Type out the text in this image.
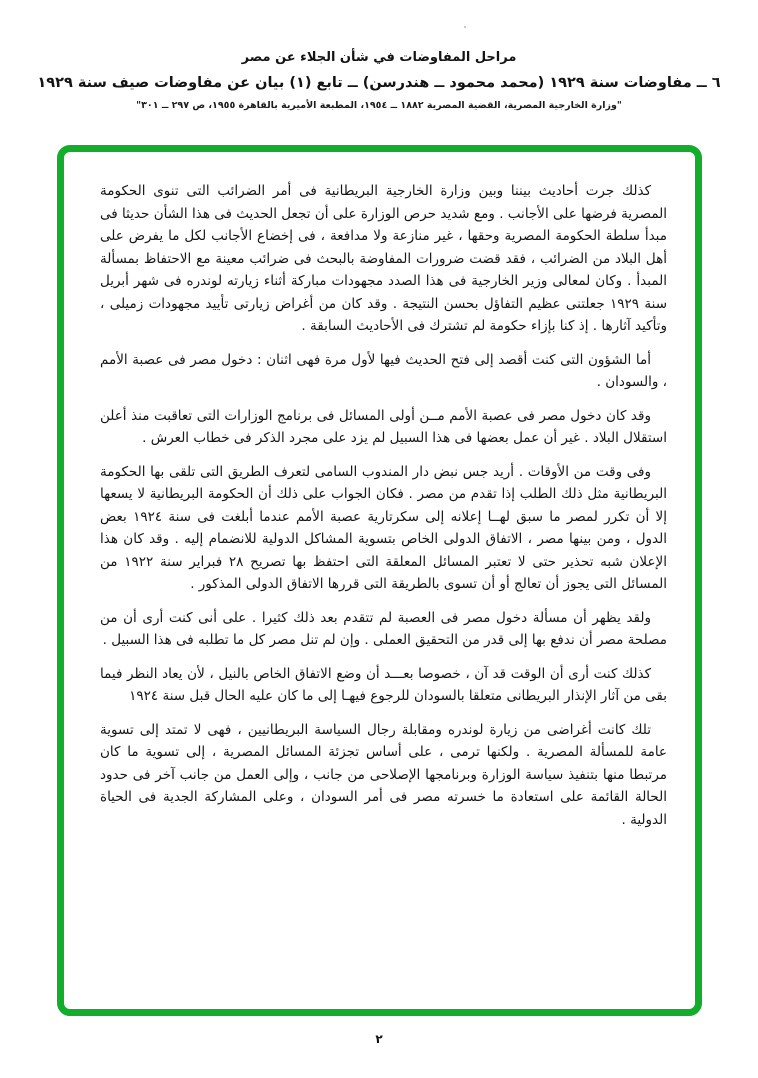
مراحل المفاوضات في شأن الجلاء عن مصر
٦ ــ مفاوضات سنة ١٩٢٩ (محمد محمود ــ هندرسن) ــ تابع (١) بيان عن مفاوضات صيف سنة ١٩٢٩
"وزارة الخارجية المصرية، القضية المصرية ١٨٨٢ ــ ١٩٥٤، المطبعة الأميرية بالقاهرة ١٩٥٥، ص ٢٩٧ ــ ٣٠١"

كذلك جرت أحاديث بيننا وبين وزارة الخارجية البريطانية فى أمر الضرائب التى تنوى الحكومة المصرية فرضها على الأجانب . ومع شديد حرص الوزارة على أن تجعل الحديث فى هذا الشأن حديثا فى مبدأ سلطة الحكومة المصرية وحقها ، غير منازعة ولا مدافعة ، فى إخضاع الأجانب لكل ما يفرض على أهل البلاد من الضرائب ، فقد قضت ضرورات المفاوضة بالبحث فى ضرائب معينة مع الاحتفاظ بمسألة المبدأ . وكان لمعالى وزير الخارجية فى هذا الصدد مجهودات مباركة أثناء زيارته لوندره فى شهر أبريل سنة ١٩٢٩ جعلتنى عظيم التفاؤل بحسن النتيجة . وقد كان من أغراض زيارتى تأييد مجهودات زميلى ، وتأكيد آثارها . إذ كنا بإزاء حكومة لم تشترك فى الأحاديث السابقة .

أما الشؤون التى كنت أقصد إلى فتح الحديث فيها لأول مرة فهى اثنان : دخول مصر فى عصبة الأمم ، والسودان .

وقد كان دخول مصر فى عصبة الأمم مــن أولى المسائل فى برنامج الوزارات التى تعاقبت منذ أعلن استقلال البلاد . غير أن عمل بعضها فى هذا السبيل لم يزد على مجرد الذكر فى خطاب العرش .

وفى وقت من الأوقات . أريد جس نبض دار المندوب السامى لتعرف الطريق التى تلقى بها الحكومة البريطانية مثل ذلك الطلب إذا تقدم من مصر . فكان الجواب على ذلك أن الحكومة البريطانية لا يسعها إلا أن تكرر لمصر ما سبق لهــا إعلانه إلى سكرتارية عصبة الأمم عندما أبلغت فى سنة ١٩٢٤ بعض الدول ، ومن بينها مصر ، الاتفاق الدولى الخاص بتسوية المشاكل الدولية للانضمام إليه . وقد كان هذا الإعلان شبه تحذير حتى لا تعتبر المسائل المعلقة التى احتفظ بها تصريح ٢٨ فبراير سنة ١٩٢٢ من المسائل التى يجوز أن تعالج أو أن تسوى بالطريقة التى قررها الاتفاق الدولى المذكور .

ولقد يظهر أن مسألة دخول مصر فى العصبة لم تتقدم بعد ذلك كثيرا . على أنى كنت أرى أن من مصلحة مصر أن ندفع بها إلى قدر من التحقيق العملى . وإن لم تنل مصر كل ما تطلبه فى هذا السبيل .

كذلك كنت أرى أن الوقت قد آن ، خصوصا بعـــد أن وضع الاتفاق الخاص بالنيل ، لأن يعاد النظر فيما بقى من آثار الإنذار البريطانى متعلقا بالسودان للرجوع فيهـا إلى ما كان عليه الحال قبل سنة ١٩٢٤

تلك كانت أغراضى من زيارة لوندره ومقابلة رجال السياسة البريطانيين ، فهى لا تمتد إلى تسوية عامة للمسألة المصرية . ولكنها ترمى ، على أساس تجزئة المسائل المصرية ، إلى تسوية ما كان مرتبطا منها بتنفيذ سياسة الوزارة وبرنامجها الإصلاحى من جانب ، وإلى العمل من جانب آخر فى حدود الحالة القائمة على استعادة ما خسرته مصر فى أمر السودان ، وعلى المشاركة الجدية فى الحياة الدولية .

٢
